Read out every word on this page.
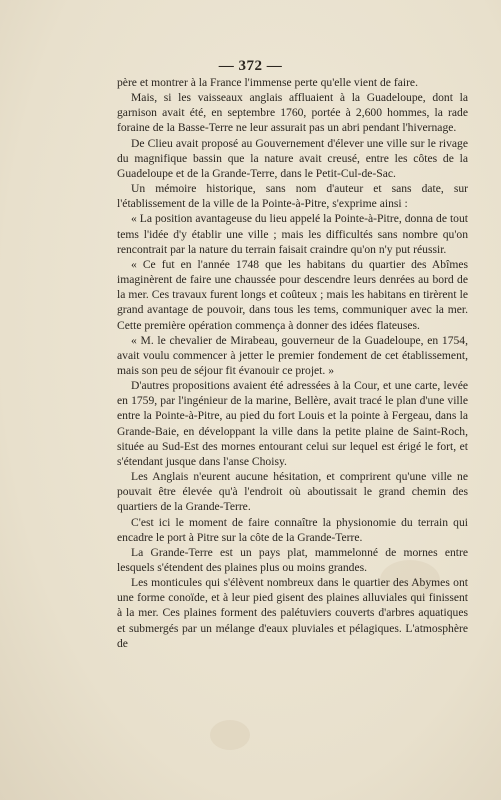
— 372 —

père et montrer à la France l'immense perte qu'elle vient de faire.

Mais, si les vaisseaux anglais affluaient à la Guadeloupe, dont la garnison avait été, en septembre 1760, portée à 2,600 hommes, la rade foraine de la Basse-Terre ne leur assurait pas un abri pendant l'hivernage.

De Clieu avait proposé au Gouvernement d'élever une ville sur le rivage du magnifique bassin que la nature avait creusé, entre les côtes de la Guadeloupe et de la Grande-Terre, dans le Petit-Cul-de-Sac.

Un mémoire historique, sans nom d'auteur et sans date, sur l'établissement de la ville de la Pointe-à-Pitre, s'exprime ainsi :

« La position avantageuse du lieu appelé la Pointe-à-Pitre, donna de tout tems l'idée d'y établir une ville ; mais les difficultés sans nombre qu'on rencontrait par la nature du terrain faisait craindre qu'on n'y put réussir.

« Ce fut en l'année 1748 que les habitans du quartier des Abîmes imaginèrent de faire une chaussée pour descendre leurs denrées au bord de la mer. Ces travaux furent longs et coûteux ; mais les habitans en tirèrent le grand avantage de pouvoir, dans tous les tems, communiquer avec la mer. Cette première opération commença à donner des idées flateuses.

« M. le chevalier de Mirabeau, gouverneur de la Guadeloupe, en 1754, avait voulu commencer à jetter le premier fondement de cet établissement, mais son peu de séjour fit évanouir ce projet. »

D'autres propositions avaient été adressées à la Cour, et une carte, levée en 1759, par l'ingénieur de la marine, Bellère, avait tracé le plan d'une ville entre la Pointe-à-Pitre, au pied du fort Louis et la pointe à Fergeau, dans la Grande-Baie, en développant la ville dans la petite plaine de Saint-Roch, située au Sud-Est des mornes entourant celui sur lequel est érigé le fort, et s'étendant jusque dans l'anse Choisy.

Les Anglais n'eurent aucune hésitation, et comprirent qu'une ville ne pouvait être élevée qu'à l'endroit où aboutissait le grand chemin des quartiers de la Grande-Terre.

C'est ici le moment de faire connaître la physionomie du terrain qui encadre le port à Pitre sur la côte de la Grande-Terre.

La Grande-Terre est un pays plat, mammelonné de mornes entre lesquels s'étendent des plaines plus ou moins grandes.

Les monticules qui s'élèvent nombreux dans le quartier des Abymes ont une forme conoïde, et à leur pied gisent des plaines alluviales qui finissent à la mer. Ces plaines forment des palétuviers couverts d'arbres aquatiques et submergés par un mélange d'eaux pluviales et pélagiques. L'atmosphère de
